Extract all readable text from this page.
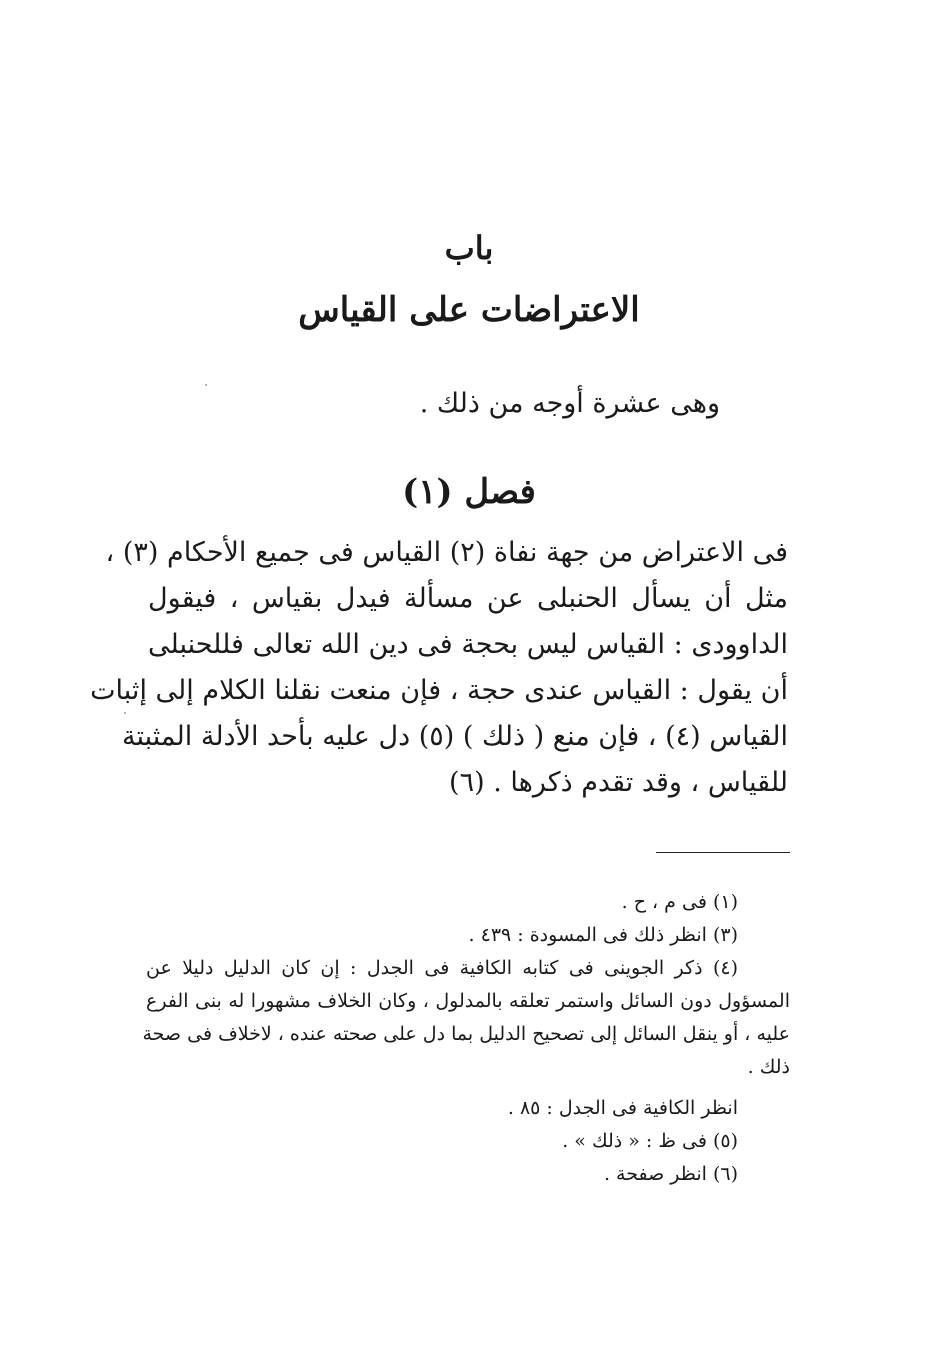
باب
الاعتراضات على القياس
وهى عشرة أوجه من ذلك .
فصل (١)
فى الاعتراض من جهة نفاة (٢) القياس فى جميع الأحكام (٣) ،
مثل أن يسأل الحنبلى عن مسألة فيدل بقياس ، فيقول
الداوودى : القياس ليس بحجة فى دين الله تعالى فللحنبلى
أن يقول : القياس عندى حجة ، فإن منعت نقلنا الكلام إلى إثبات
القياس (٤) ، فإن منع ( ذلك ) (٥) دل عليه بأحد الأدلة المثبتة
للقياس ، وقد تقدم ذكرها . (٦)
(١) فى م ، ح .
(٣) انظر ذلك فى المسودة : ٤٣٩ .
(٤) ذكر الجوينى فى كتابه الكافية فى الجدل : إن كان الدليل دليلا عن
المسؤول دون السائل واستمر تعلقه بالمدلول ، وكان الخلاف مشهورا له بنى الفرع
عليه ، أو ينقل السائل إلى تصحيح الدليل بما دل على صحته عنده ، لاخلاف فى صحة
ذلك .
انظر الكافية فى الجدل : ٨٥ .
(٥) فى ظ : « ذلك » .
(٦) انظر صفحة .
